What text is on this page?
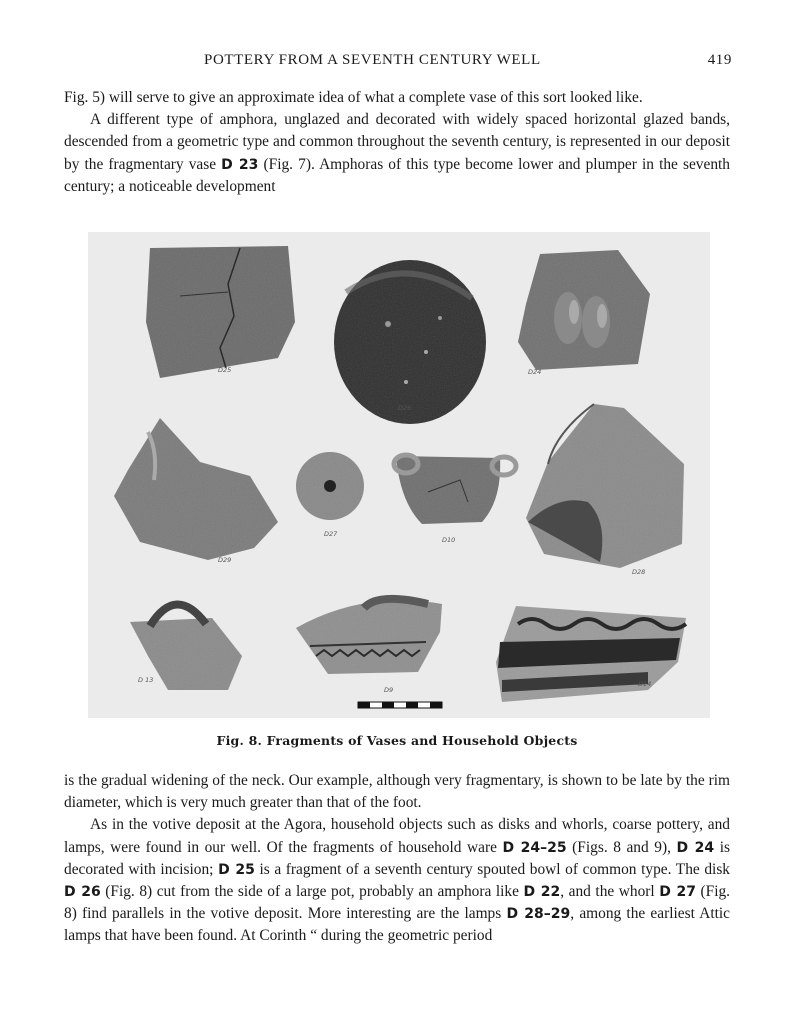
POTTERY FROM A SEVENTH CENTURY WELL	419

Fig. 5) will serve to give an approximate idea of what a complete vase of this sort looked like.

A different type of amphora, unglazed and decorated with widely spaced horizontal glazed bands, descended from a geometric type and common throughout the seventh century, is represented in our deposit by the fragmentary vase D 23 (Fig. 7). Amphoras of this type become lower and plumper in the seventh century; a noticeable development

D25
D26
D24
D29
D27
D10
D28
D 13
D9
D14
Fig. 8. Fragments of Vases and Household Objects

is the gradual widening of the neck. Our example, although very fragmentary, is shown to be late by the rim diameter, which is very much greater than that of the foot.

As in the votive deposit at the Agora, household objects such as disks and whorls, coarse pottery, and lamps, were found in our well. Of the fragments of household ware D 24–25 (Figs. 8 and 9), D 24 is decorated with incision; D 25 is a fragment of a seventh century spouted bowl of common type. The disk D 26 (Fig. 8) cut from the side of a large pot, probably an amphora like D 22, and the whorl D 27 (Fig. 8) find parallels in the votive deposit. More interesting are the lamps D 28–29, among the earliest Attic lamps that have been found. At Corinth “ during the geometric period
